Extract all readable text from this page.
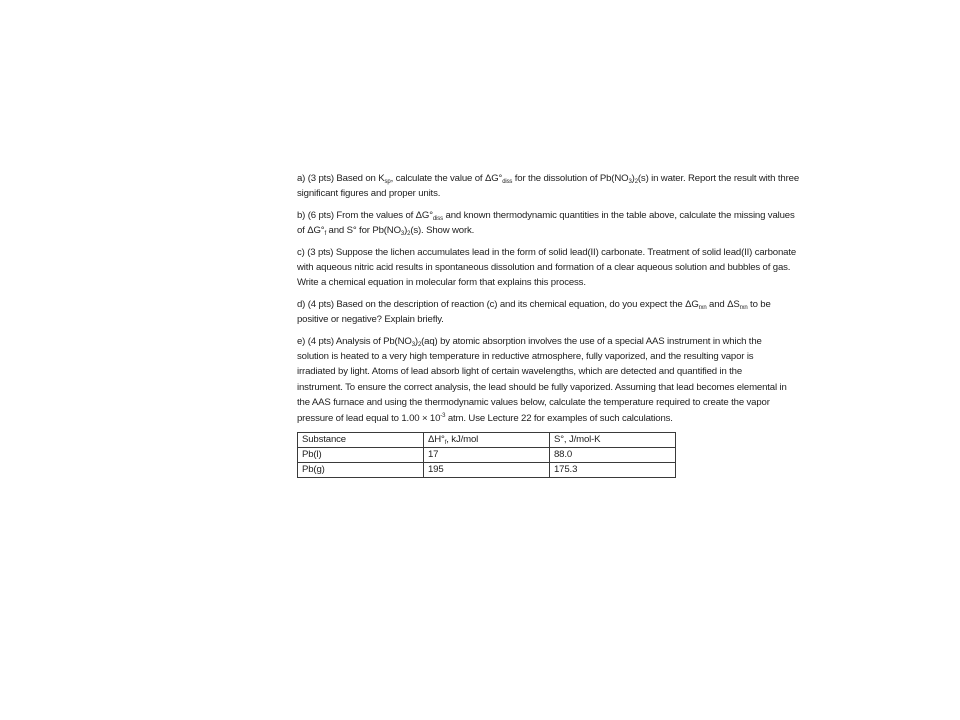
a) (3 pts) Based on $K_{sp}$, calculate the value of $\Delta G^\circ_{diss}$ for the dissolution of $Pb(NO_3)_2(s)$ in water. Report the result with three significant figures and proper units.

b) (6 pts) From the values of $\Delta G^\circ_{diss}$ and known thermodynamic quantities in the table above, calculate the missing values of $\Delta G^\circ_f$ and S° for $Pb(NO_3)_2(s)$. Show work.

c) (3 pts) Suppose the lichen accumulates lead in the form of solid lead(II) carbonate. Treatment of solid lead(II) carbonate with aqueous nitric acid results in spontaneous dissolution and formation of a clear aqueous solution and bubbles of gas. Write a chemical equation in molecular form that explains this process.

d) (4 pts) Based on the description of reaction (c) and its chemical equation, do you expect the $\Delta G_{rxn}$ and $\Delta S_{rxn}$ to be positive or negative? Explain briefly.

e) (4 pts) Analysis of $Pb(NO_3)_2(aq)$ by atomic absorption involves the use of a special AAS instrument in which the solution is heated to a very high temperature in reductive atmosphere, fully vaporized, and the resulting vapor is irradiated by light. Atoms of lead absorb light of certain wavelengths, which are detected and quantified in the instrument. To ensure the correct analysis, the lead should be fully vaporized. Assuming that lead becomes elemental in the AAS furnace and using the thermodynamic values below, calculate the temperature required to create the vapor pressure of lead equal to $1.00 \times 10^{-3}$ atm. Use Lecture 22 for examples of such calculations.

Substance	$\Delta H^\circ_f$, kJ/mol	S°, J/mol-K
Pb(l)	17	88.0
Pb(g)	195	175.3
